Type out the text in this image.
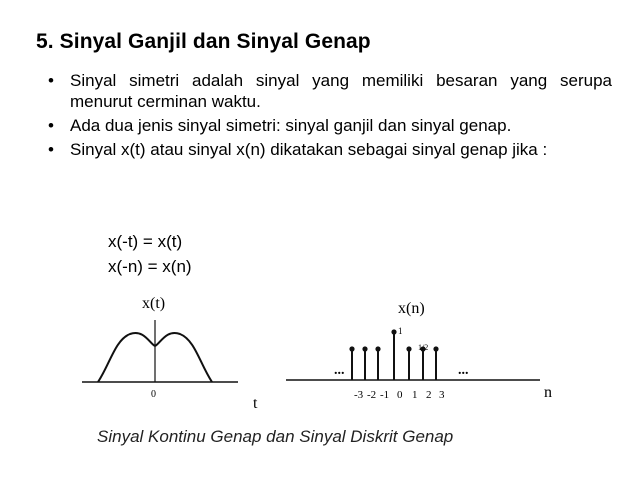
5. Sinyal Ganjil dan Sinyal Genap
• Sinyal simetri adalah sinyal yang memiliki besaran yang serupa menurut cerminan waktu.
• Ada dua jenis sinyal simetri: sinyal ganjil dan sinyal genap.
• Sinyal x(t) atau sinyal x(n) dikatakan sebagai sinyal genap jika :
x(-t) = x(t)
x(-n) = x(n)
x(t)
0
t
...	...
x(n)
1
1/2
-3 -2 -1 0 1 2 3	n
Sinyal Kontinu Genap dan Sinyal Diskrit Genap
